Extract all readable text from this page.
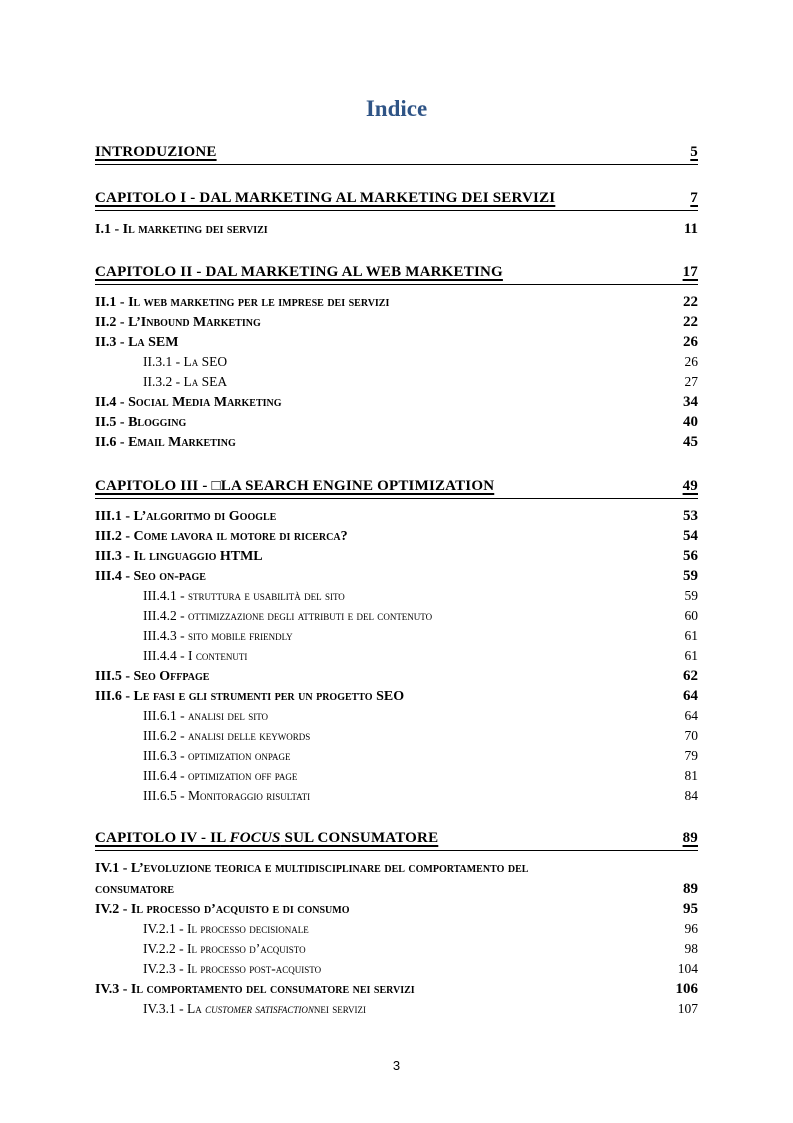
Indice
INTRODUZIONE	5
CAPITOLO I - DAL MARKETING AL MARKETING DEI SERVIZI	7
I.1 - Il marketing dei servizi	11
CAPITOLO II - DAL MARKETING AL WEB MARKETING	17
II.1 - Il web marketing per le imprese dei servizi	22
II.2 - L’Inbound Marketing	22
II.3 - La SEM	26
II.3.1 - La SEO	26
II.3.2 - La SEA	27
II.4 - Social Media Marketing	34
II.5 - Blogging	40
II.6 - Email Marketing	45
CAPITOLO III - □LA SEARCH ENGINE OPTIMIZATION	49
III.1 - L’algoritmo di Google	53
III.2 - Come lavora il motore di ricerca?	54
III.3 - Il linguaggio HTML	56
III.4 - Seo on-page	59
III.4.1 - struttura e usabilità del sito	59
III.4.2 - ottimizzazione degli attributi e del contenuto	60
III.4.3 - sito mobile friendly	61
III.4.4 - I contenuti	61
III.5 - Seo Offpage	62
III.6 - Le fasi e gli strumenti per un progetto SEO	64
III.6.1 - analisi del sito	64
III.6.2 - analisi delle keywords	70
III.6.3 - optimization onpage	79
III.6.4 - optimization off page	81
III.6.5 - Monitoraggio risultati	84
CAPITOLO IV - IL FOCUS SUL CONSUMATORE	89
IV.1 - L’evoluzione teorica e multidisciplinare del comportamento del
consumatore	89
IV.2 - Il processo d’acquisto e di consumo	95
IV.2.1 - Il processo decisionale	96
IV.2.2 - Il processo d’acquisto	98
IV.2.3 - Il processo post-acquisto	104
IV.3 - Il comportamento del consumatore nei servizi	106
IV.3.1 - La customer satisfactionnei servizi	107
3
